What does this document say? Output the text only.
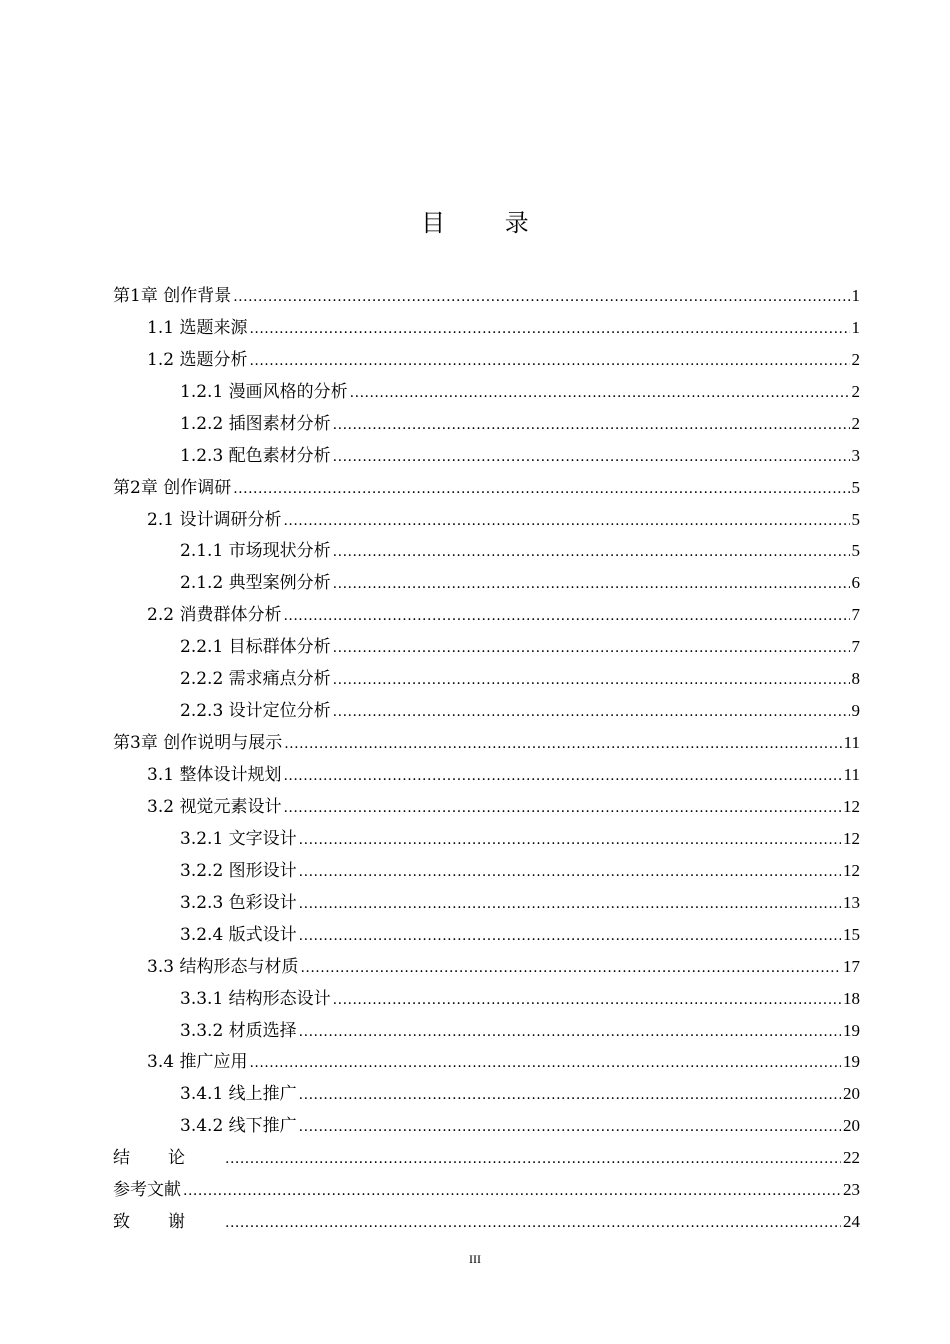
目 录
第1章 创作背景 .....	1
1.1 选题来源 .....	1
1.2 选题分析 .....	2
1.2.1 漫画风格的分析 .....	2
1.2.2 插图素材分析 .....	2
1.2.3 配色素材分析 .....	3
第2章 创作调研 .....	5
2.1 设计调研分析 .....	5
2.1.1 市场现状分析 .....	5
2.1.2 典型案例分析 .....	6
2.2 消费群体分析 .....	7
2.2.1 目标群体分析 .....	7
2.2.2 需求痛点分析 .....	8
2.2.3 设计定位分析 .....	9
第3章 创作说明与展示 .....	11
3.1 整体设计规划 .....	11
3.2 视觉元素设计 .....	12
3.2.1 文字设计 .....	12
3.2.2 图形设计 .....	12
3.2.3 色彩设计 .....	13
3.2.4 版式设计 .....	15
3.3 结构形态与材质 .....	17
3.3.1 结构形态设计 .....	18
3.3.2 材质选择 .....	19
3.4 推广应用 .....	19
3.4.1 线上推广 .....	20
3.4.2 线下推广 .....	20
结论 .....	22
参考文献 .....	23
致谢 .....	24
III
